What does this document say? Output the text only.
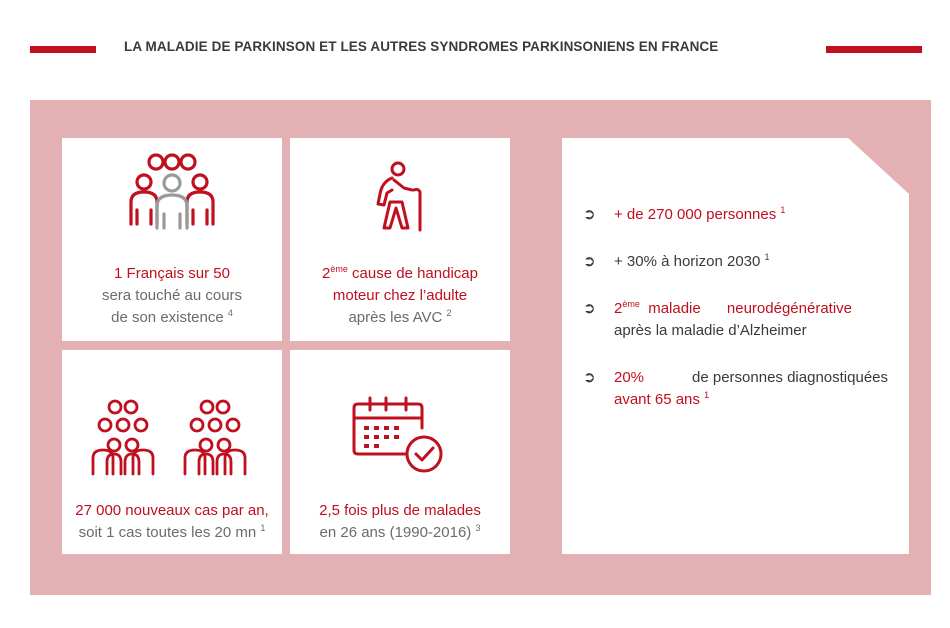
LA MALADIE DE PARKINSON ET LES AUTRES SYNDROMES PARKINSONIENS EN FRANCE
1 Français sur 50
sera touché au cours
de son existence $^4$
2ème cause de handicap
moteur chez l’adulte
après les AVC $^2$
27 000 nouveaux cas par an,
soit 1 cas toutes les 20 mn $^1$
2,5 fois plus de malades
en 26 ans (1990-2016) $^3$
➲ + de 270 000 personnes $^1$
➲ + 30% à horizon 2030 $^1$
➲ 2ème maladie neurodégénérative
après la maladie d’Alzheimer
➲ 20%	de personnes diagnostiquées
avant 65 ans $^1$
